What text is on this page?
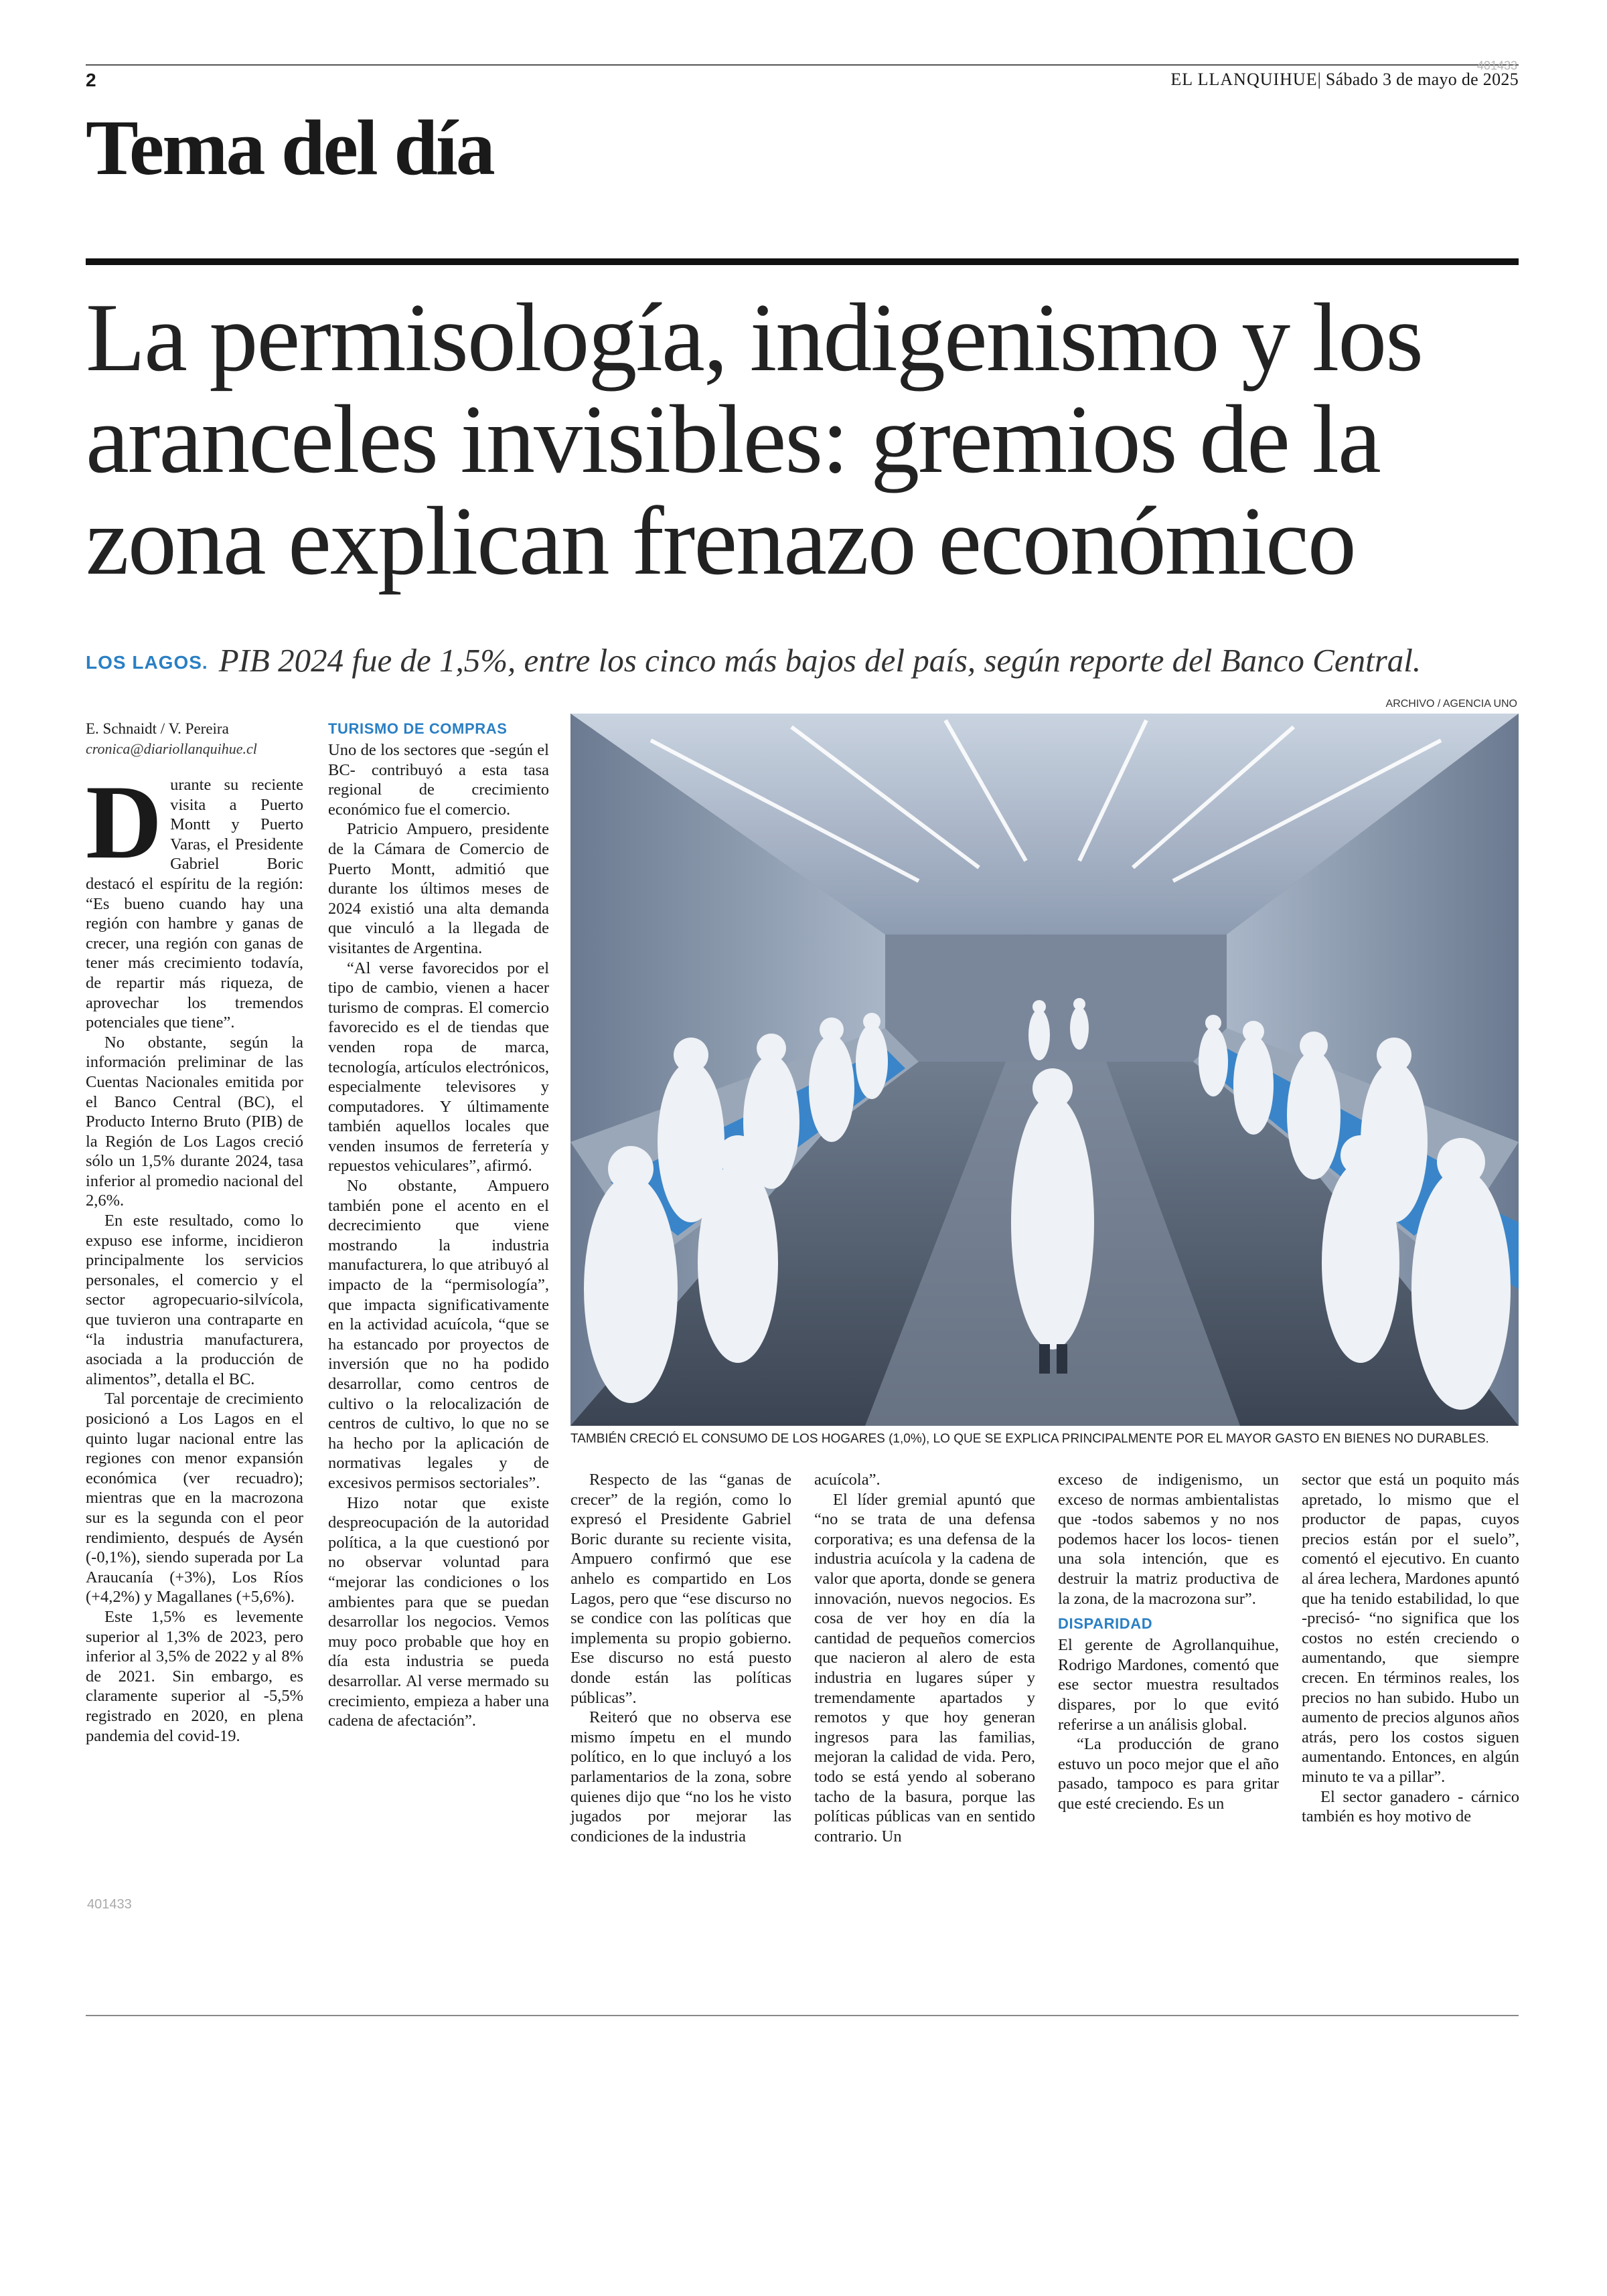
401433
2	EL LLANQUIHUE| Sábado 3 de mayo de 2025
Tema del día
La permisología, indigenismo y los aranceles invisibles: gremios de la zona explican frenazo económico
LOS LAGOS. PIB 2024 fue de 1,5%, entre los cinco más bajos del país, según reporte del Banco Central.
E. Schnaidt / V. Pereira
cronica@diariollanquihue.cl
ARCHIVO / AGENCIA UNO
TAMBIÉN CRECIÓ EL CONSUMO DE LOS HOGARES (1,0%), LO QUE SE EXPLICA PRINCIPALMENTE POR EL MAYOR GASTO EN BIENES NO DURABLES.

Durante su reciente visita a Puerto Montt y Puerto Varas, el Presidente Gabriel Boric destacó el espíritu de la región: “Es bueno cuando hay una región con hambre y ganas de crecer, una región con ganas de tener más crecimiento todavía, de repartir más riqueza, de aprovechar los tremendos potenciales que tiene”.

No obstante, según la información preliminar de las Cuentas Nacionales emitida por el Banco Central (BC), el Producto Interno Bruto (PIB) de la Región de Los Lagos creció sólo un 1,5% durante 2024, tasa inferior al promedio nacional del 2,6%.

En este resultado, como lo expuso ese informe, incidieron principalmente los servicios personales, el comercio y el sector agropecuario-silvícola, que tuvieron una contraparte en “la industria manufacturera, asociada a la producción de alimentos”, detalla el BC.

Tal porcentaje de crecimiento posicionó a Los Lagos en el quinto lugar nacional entre las regiones con menor expansión económica (ver recuadro); mientras que en la macrozona sur es la segunda con el peor rendimiento, después de Aysén (-0,1%), siendo superada por La Araucanía (+3%), Los Ríos (+4,2%) y Magallanes (+5,6%).

Este 1,5% es levemente superior al 1,3% de 2023, pero inferior al 3,5% de 2022 y al 8% de 2021. Sin embargo, es claramente superior al -5,5% registrado en 2020, en plena pandemia del covid-19.

TURISMO DE COMPRAS

Uno de los sectores que -según el BC- contribuyó a esta tasa regional de crecimiento económico fue el comercio.

Patricio Ampuero, presidente de la Cámara de Comercio de Puerto Montt, admitió que durante los últimos meses de 2024 existió una alta demanda que vinculó a la llegada de visitantes de Argentina.

“Al verse favorecidos por el tipo de cambio, vienen a hacer turismo de compras. El comercio favorecido es el de tiendas que venden ropa de marca, tecnología, artículos electrónicos, especialmente televisores y computadores. Y últimamente también aquellos locales que venden insumos de ferretería y repuestos vehiculares”, afirmó.

No obstante, Ampuero también pone el acento en el decrecimiento que viene mostrando la industria manufacturera, lo que atribuyó al impacto de la “permisología”, que impacta significativamente en la actividad acuícola, “que se ha estancado por proyectos de inversión que no ha podido desarrollar, como centros de cultivo o la relocalización de centros de cultivo, lo que no se ha hecho por la aplicación de normativas legales y de excesivos permisos sectoriales”.

Hizo notar que existe despreocupación de la autoridad política, a la que cuestionó por no observar voluntad para “mejorar las condiciones o los ambientes para que se puedan desarrollar los negocios. Vemos muy poco probable que hoy en día esta industria se pueda desarrollar. Al verse mermado su crecimiento, empieza a haber una cadena de afectación”.

Respecto de las “ganas de crecer” de la región, como lo expresó el Presidente Gabriel Boric durante su reciente visita, Ampuero confirmó que ese anhelo es compartido en Los Lagos, pero que “ese discurso no se condice con las políticas que implementa su propio gobierno. Ese discurso no está puesto donde están las políticas públicas”.

Reiteró que no observa ese mismo ímpetu en el mundo político, en lo que incluyó a los parlamentarios de la zona, sobre quienes dijo que “no los he visto jugados por mejorar las condiciones de la industria

acuícola”.

El líder gremial apuntó que “no se trata de una defensa corporativa; es una defensa de la industria acuícola y la cadena de valor que aporta, donde se genera innovación, nuevos negocios. Es cosa de ver hoy en día la cantidad de pequeños comercios que nacieron al alero de esta industria en lugares súper y tremendamente apartados y remotos y que hoy generan ingresos para las familias, mejoran la calidad de vida. Pero, todo se está yendo al soberano tacho de la basura, porque las políticas públicas van en sentido contrario. Un

exceso de indigenismo, un exceso de normas ambientalistas que -todos sabemos y no nos podemos hacer los locos- tienen una sola intención, que es destruir la matriz productiva de la zona, de la macrozona sur”.

DISPARIDAD

El gerente de Agrollanquihue, Rodrigo Mardones, comentó que ese sector muestra resultados dispares, por lo que evitó referirse a un análisis global.

“La producción de grano estuvo un poco mejor que el año pasado, tampoco es para gritar que esté creciendo. Es un

sector que está un poquito más apretado, lo mismo que el productor de papas, cuyos precios están por el suelo”, comentó el ejecutivo. En cuanto al área lechera, Mardones apuntó que ha tenido estabilidad, lo que -precisó- “no significa que los costos no estén creciendo o aumentando, que siempre crecen. En términos reales, los precios no han subido. Hubo un aumento de precios algunos años atrás, pero los costos siguen aumentando. Entonces, en algún minuto te va a pillar”.

El sector ganadero - cárnico también es hoy motivo de

401433
